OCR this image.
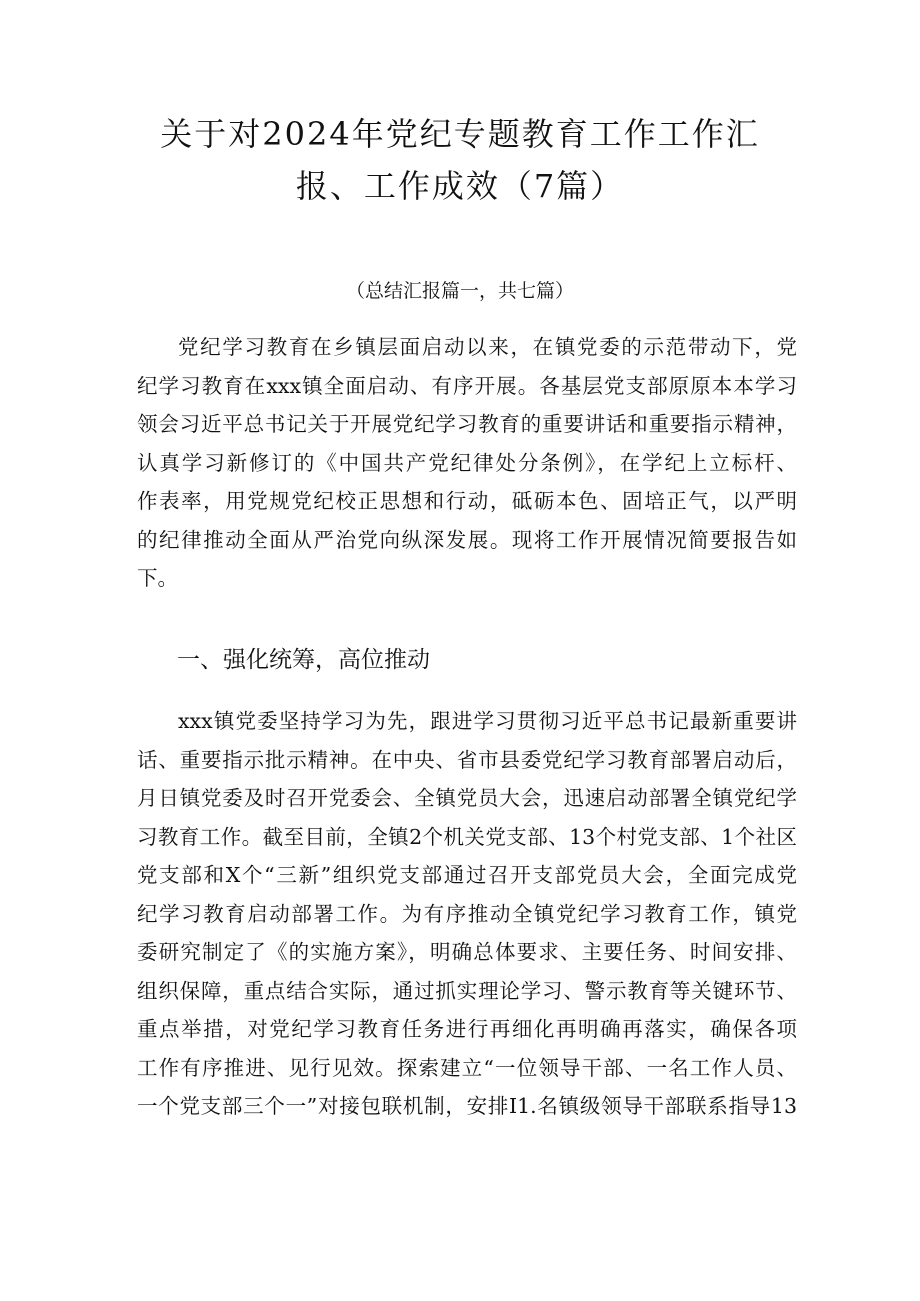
关于对2024年党纪专题教育工作工作汇
报、工作成效（7篇）
（总结汇报篇一，共七篇）
党纪学习教育在乡镇层面启动以来，在镇党委的示范带动下，党
纪学习教育在xxx镇全面启动、有序开展。各基层党支部原原本本学习
领会习近平总书记关于开展党纪学习教育的重要讲话和重要指示精神，
认真学习新修订的《中国共产党纪律处分条例》，在学纪上立标杆、
作表率，用党规党纪校正思想和行动，砥砺本色、固培正气，以严明
的纪律推动全面从严治党向纵深发展。现将工作开展情况简要报告如
下。
一、强化统筹，高位推动
xxx镇党委坚持学习为先，跟进学习贯彻习近平总书记最新重要讲
话、重要指示批示精神。在中央、省市县委党纪学习教育部署启动后，
月日镇党委及时召开党委会、全镇党员大会，迅速启动部署全镇党纪学
习教育工作。截至目前，全镇2个机关党支部、13个村党支部、1个社区
党支部和X个“三新”组织党支部通过召开支部党员大会，全面完成党
纪学习教育启动部署工作。为有序推动全镇党纪学习教育工作，镇党
委研究制定了《的实施方案》，明确总体要求、主要任务、时间安排、
组织保障，重点结合实际，通过抓实理论学习、警示教育等关键环节、
重点举措，对党纪学习教育任务进行再细化再明确再落实，确保各项
工作有序推进、见行见效。探索建立“一位领导干部、一名工作人员、
一个党支部三个一”对接包联机制，安排I1.名镇级领导干部联系指导13
